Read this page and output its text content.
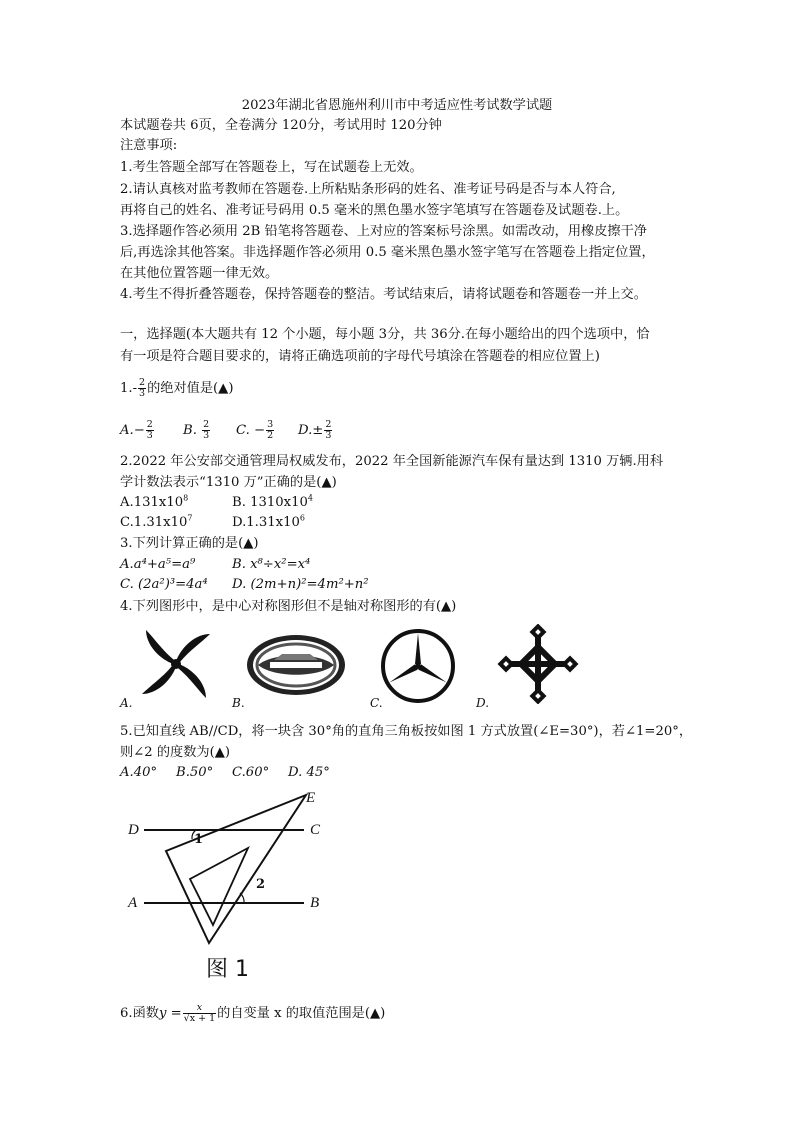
2023年湖北省恩施州利川市中考适应性考试数学试题
本试题卷共 6页，全卷满分 120分，考试用时 120分钟
注意事项:
1.考生答题全部写在答题卷上，写在试题卷上无效。
2.请认真核对监考教师在答题卷.上所粘贴条形码的姓名、准考证号码是否与本人符合,
再将自己的姓名、准考证号码用 0.5 毫米的黑色墨水签字笔填写在答题卷及试题卷.上。
3.选择题作答必须用 2B 铅笔将答题卷、上对应的答案标号涂黑。如需改动，用橡皮擦干净
后,再选涂其他答案。非选择题作答必须用 0.5 毫米黑色墨水签字笔写在答题卷上指定位置，
在其他位置答题一律无效。
4.考生不得折叠答题卷，保持答题卷的整洁。考试结束后，请将试题卷和答题卷一并上交。
一，选择题(本大题共有 12 个小题，每小题 3分，共 36分.在每小题给出的四个选项中，恰
有一项是符合题目要求的，请将正确选项前的字母代号填涂在答题卷的相应位置上)
$1.- \frac{2}{3}$ 的绝对值是(▲)
$A.- \frac{2}{3} B$. $\frac{2}{3} C$. − $\frac{3}{2} D.\pm \frac{2}{3}$
2.2022 年公安部交通管理局权威发布，2022 年全国新能源汽车保有量达到 1310 万辆.用科
学计数法表示“1310 万”正确的是(▲)
$A.131x10^8$	B. $1310x10^4$
$C.1.31x10^7$	$D.1.31x10^6$
3.下列计算正确的是(▲)
A.a⁴+a⁵=a⁹	B. x⁸÷x²=x⁴
C. (2a²)³=4a⁴ D. (2m+n)²=4m²+n²
4.下列图形中，是中心对称图形但不是轴对称图形的有(▲)
A.	B.	C.	D.
5.已知直线 AB//CD，将一块含 30°角的直角三角板按如图 1 方式放置(∠E=30°)，若∠1=20°，
则∠2 的度数为(▲)
A.40° B.50° C.60° D. 45°
D	C
A	B
E
1
2
图 1
6.函数$y = \frac{x}{√x + 1}$ 的自变量 x 的取值范围是(▲)
